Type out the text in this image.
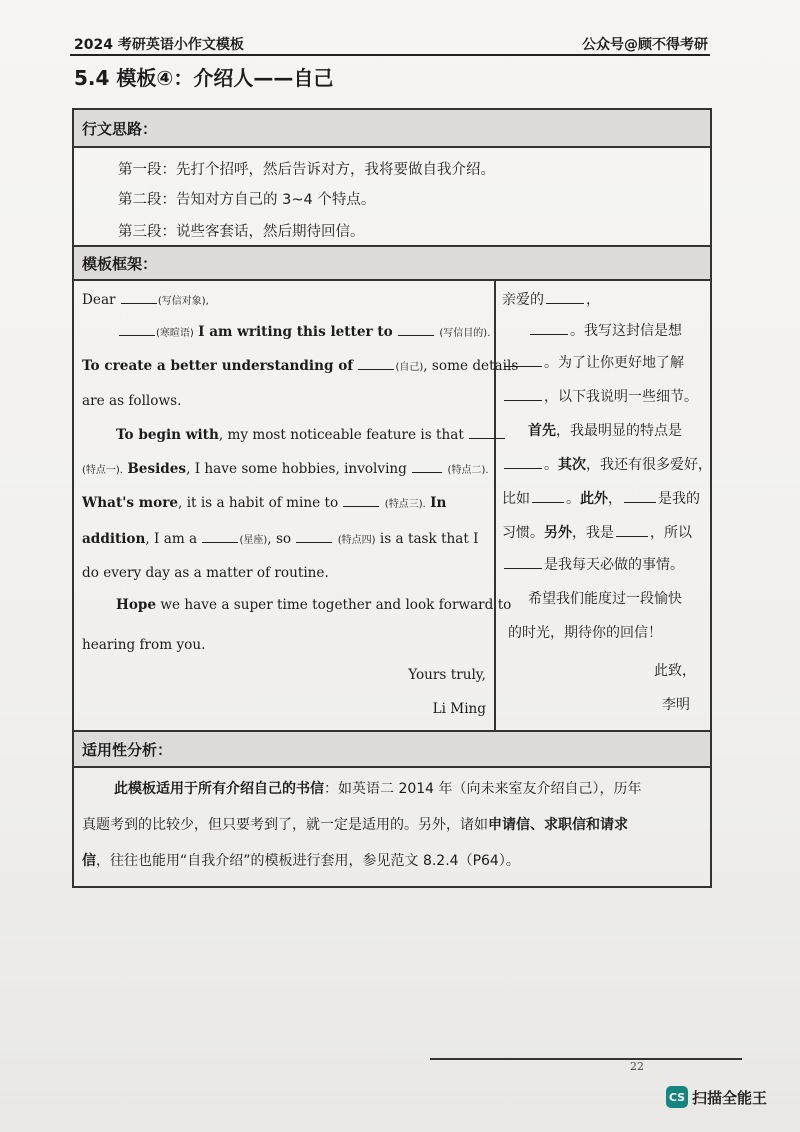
2024 考研英语小作文模板	公众号@顾不得考研
5.4 模板④：介绍人——自己
行文思路：
第一段：先打个招呼，然后告诉对方，我将要做自我介绍。
第二段：告知对方自己的 3~4 个特点。
第三段：说些客套话，然后期待回信。
模板框架：
Dear	(写信对象),
(寒暄语) I am writing this letter to	(写信目的).
To create a better understanding of	(自己), some details
are as follows.
To begin with, my most noticeable feature is that
(特点一). Besides, I have some hobbies, involving	(特点二).
What's more, it is a habit of mine to	(特点三). In
addition, I am a	(星座), so	(特点四) is a task that I
do every day as a matter of routine.
Hope we have a super time together and look forward to
hearing from you.
Yours truly,
Li Ming
亲爱的	，
。我写这封信是想
。为了让你更好地了解
，以下我说明一些细节。
首先，我最明显的特点是
。其次，我还有很多爱好，
比如	。此外，	是我的
习惯。另外，我是	，所以
是我每天必做的事情。
希望我们能度过一段愉快
的时光，期待你的回信！
此致，
李明
适用性分析：
此模板适用于所有介绍自己的书信：如英语二 2014 年（向未来室友介绍自己），历年
真题考到的比较少，但只要考到了，就一定是适用的。另外，诸如申请信、求职信和请求
信，往往也能用“自我介绍”的模板进行套用，参见范文 8.2.4（P64）。
22
CS 扫描全能王
